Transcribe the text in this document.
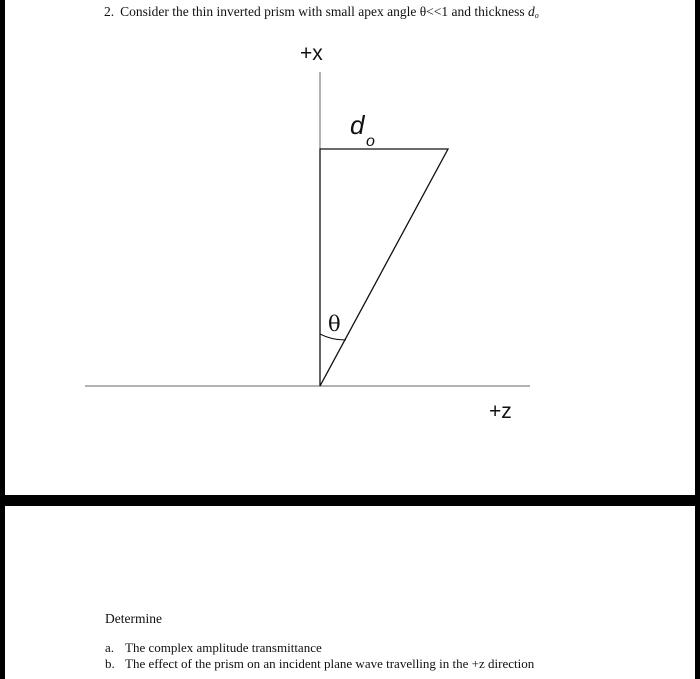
2. Consider the thin inverted prism with small apex angle θ<<1 and thickness $d_o$
+x
+z
θ
d
o
Determine
a. The complex amplitude transmittance
b. The effect of the prism on an incident plane wave travelling in the +z direction
